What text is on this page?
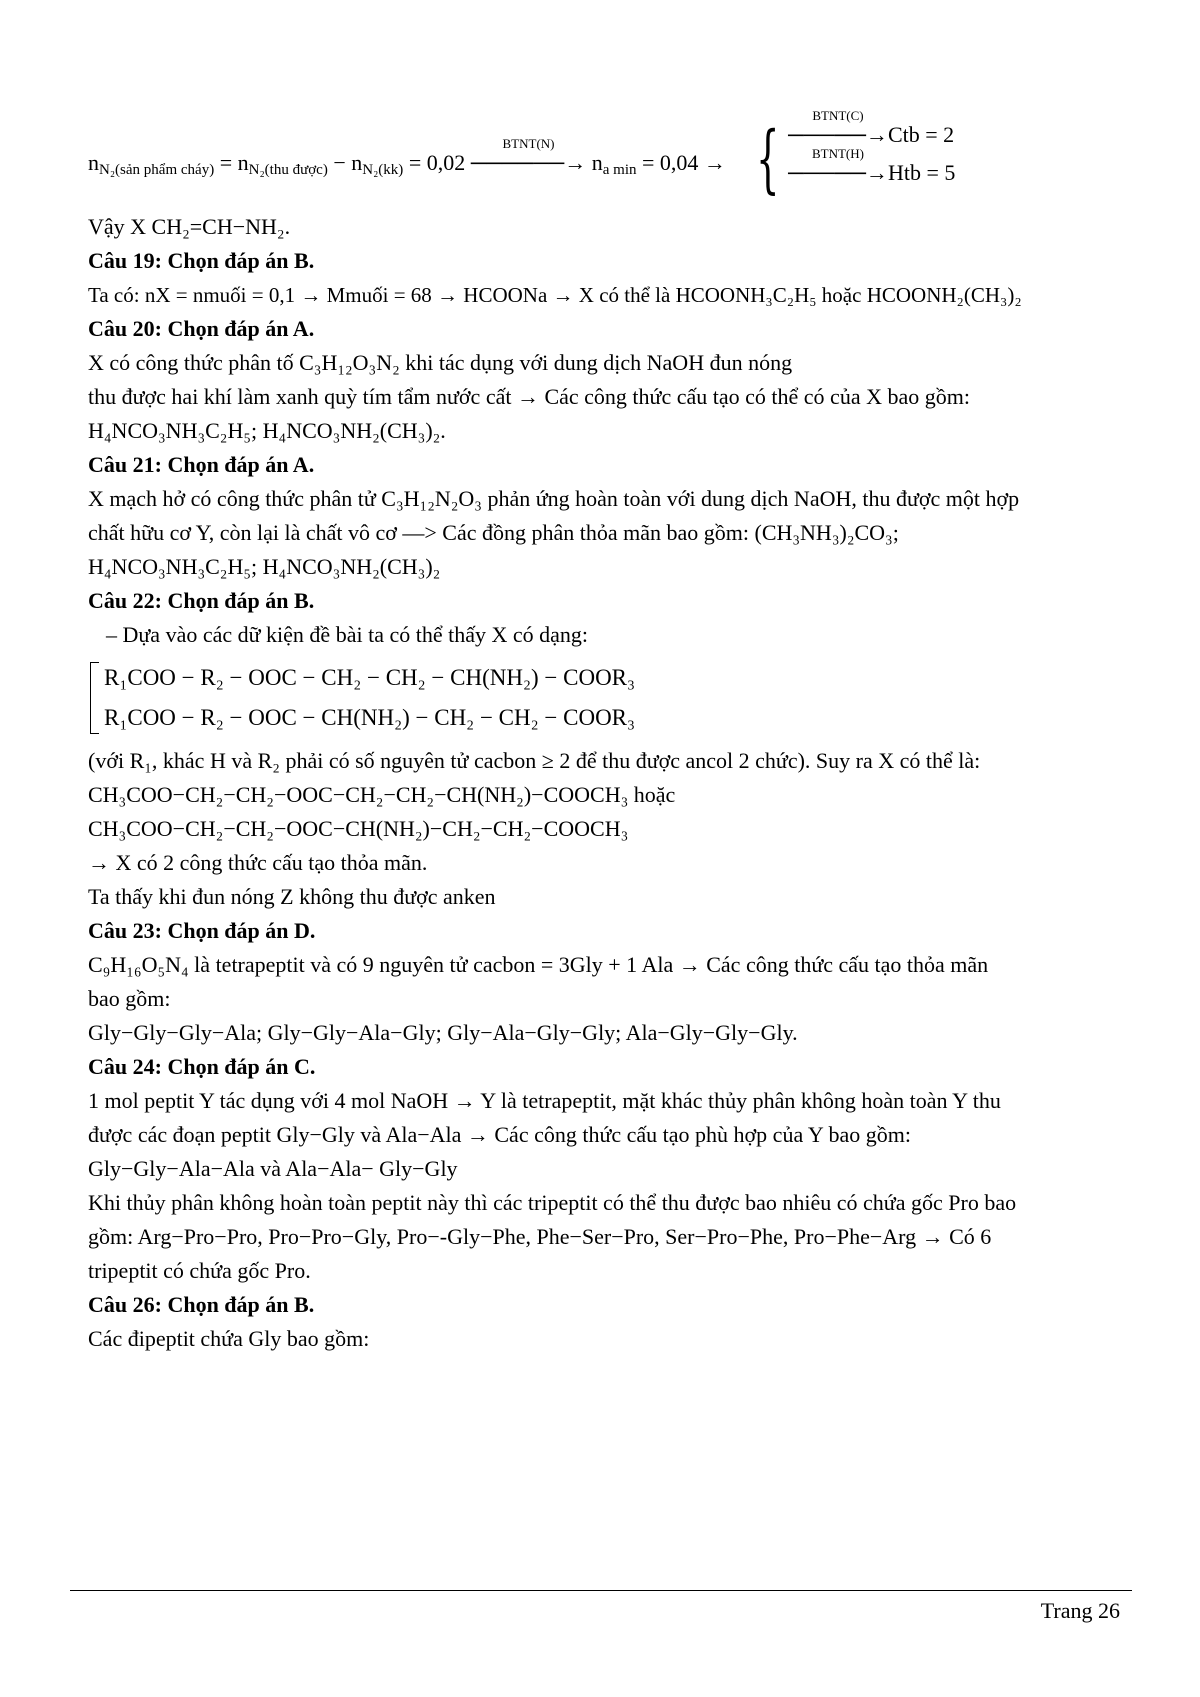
$n_{N_2(sản phẩm cháy)} = n_{N_2(thu được)} - n_{N_2(kk)} = 0,02$
BTNT(N)
──────→ $n_{a min} = 0,04$ → {
BTNT(C)
─────→Ctb = 2
BTNT(H)
─────→Htb = 5

Vậy X CH₂=CH−NH₂.

Câu 19: Chọn đáp án B.

Ta có: nX = nmuối = 0,1 → Mmuối = 68 → HCOONa → X có thể là HCOONH₃C₂H₅ hoặc HCOONH₂(CH₃)₂

Câu 20: Chọn đáp án A.

X có công thức phân tố C₃H₁₂O₃N₂ khi tác dụng với dung dịch NaOH đun nóng

thu được hai khí làm xanh quỳ tím tẩm nước cất → Các công thức cấu tạo có thể có của X bao gồm:

H₄NCO₃NH₃C₂H₅; H₄NCO₃NH₂(CH₃)₂.

Câu 21: Chọn đáp án A.

X mạch hở có công thức phân tử C₃H₁₂N₂O₃ phản ứng hoàn toàn với dung dịch NaOH, thu được một hợp

chất hữu cơ Y, còn lại là chất vô cơ —> Các đồng phân thỏa mãn bao gồm: (CH₃NH₃)₂CO₃;

H₄NCO₃NH₃C₂H₅; H₄NCO₃NH₂(CH₃)₂

Câu 22: Chọn đáp án B.

– Dựa vào các dữ kiện đề bài ta có thể thấy X có dạng:

R₁COO − R₂ − OOC − CH₂ − CH₂ − CH(NH₂) − COOR₃

R₁COO − R₂ − OOC − CH(NH₂) − CH₂ − CH₂ − COOR₃

(với R₁, khác H và R₂ phải có số nguyên tử cacbon ≥ 2 để thu được ancol 2 chức). Suy ra X có thể là:

CH₃COO−CH₂−CH₂−OOC−CH₂−CH₂−CH(NH₂)−COOCH₃ hoặc

CH₃COO−CH₂−CH₂−OOC−CH(NH₂)−CH₂−CH₂−COOCH₃

→ X có 2 công thức cấu tạo thỏa mãn.

Ta thấy khi đun nóng Z không thu được anken

Câu 23: Chọn đáp án D.

C₉H₁₆O₅N₄ là tetrapeptit và có 9 nguyên tử cacbon = 3Gly + 1 Ala → Các công thức cấu tạo thỏa mãn

bao gồm:

Gly−Gly−Gly−Ala; Gly−Gly−Ala−Gly; Gly−Ala−Gly−Gly; Ala−Gly−Gly−Gly.

Câu 24: Chọn đáp án C.

1 mol peptit Y tác dụng với 4 mol NaOH → Y là tetrapeptit, mặt khác thủy phân không hoàn toàn Y thu

được các đoạn peptit Gly−Gly và Ala−Ala → Các công thức cấu tạo phù hợp của Y bao gồm:

Gly−Gly−Ala−Ala và Ala−Ala− Gly−Gly

Khi thủy phân không hoàn toàn peptit này thì các tripeptit có thể thu được bao nhiêu có chứa gốc Pro bao

gồm: Arg−Pro−Pro, Pro−Pro−Gly, Pro−-Gly−Phe, Phe−Ser−Pro, Ser−Pro−Phe, Pro−Phe−Arg → Có 6

tripeptit có chứa gốc Pro.

Câu 26: Chọn đáp án B.

Các đipeptit chứa Gly bao gồm:

Trang 26
